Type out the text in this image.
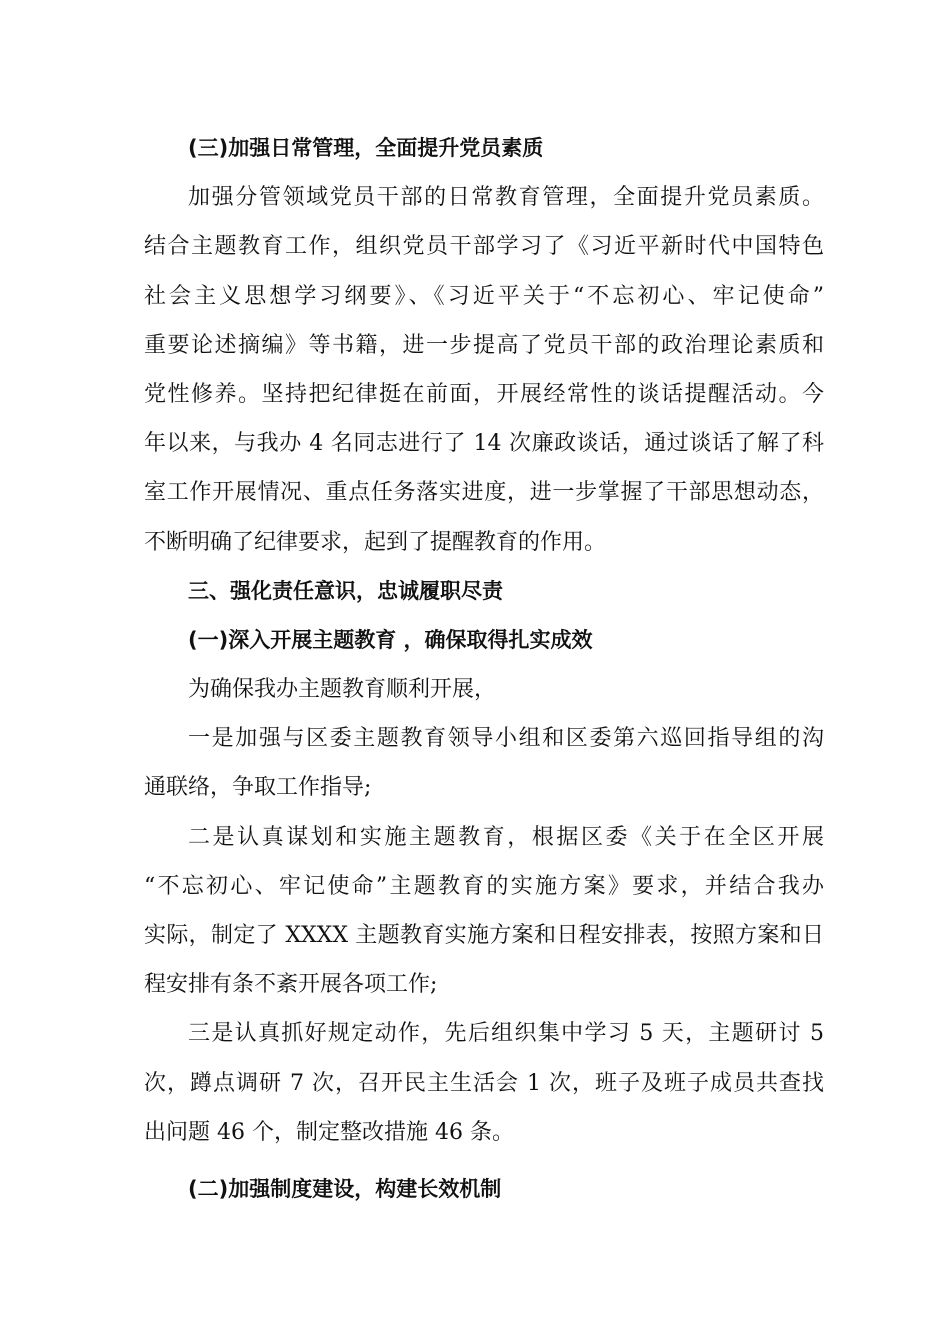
(三)加强日常管理，全面提升党员素质
加强分管领域党员干部的日常教育管理，全面提升党员素质。
结合主题教育工作，组织党员干部学习了《习近平新时代中国特色
社会主义思想学习纲要》、《习近平关于“不忘初心、牢记使命”
重要论述摘编》等书籍，进一步提高了党员干部的政治理论素质和
党性修养。坚持把纪律挺在前面，开展经常性的谈话提醒活动。今
年以来，与我办 4 名同志进行了 14 次廉政谈话，通过谈话了解了科
室工作开展情况、重点任务落实进度，进一步掌握了干部思想动态，
不断明确了纪律要求，起到了提醒教育的作用。
三、强化责任意识，忠诚履职尽责
(一)深入开展主题教育 ，确保取得扎实成效
为确保我办主题教育顺利开展，
一是加强与区委主题教育领导小组和区委第六巡回指导组的沟
通联络，争取工作指导;
二是认真谋划和实施主题教育，根据区委《关于在全区开展
“不忘初心、牢记使命”主题教育的实施方案》要求，并结合我办
实际，制定了 XXXX 主题教育实施方案和日程安排表，按照方案和日
程安排有条不紊开展各项工作;
三是认真抓好规定动作，先后组织集中学习 5 天，主题研讨 5
次，蹲点调研 7 次，召开民主生活会 1 次，班子及班子成员共查找
出问题 46 个，制定整改措施 46 条。
(二)加强制度建设，构建长效机制
